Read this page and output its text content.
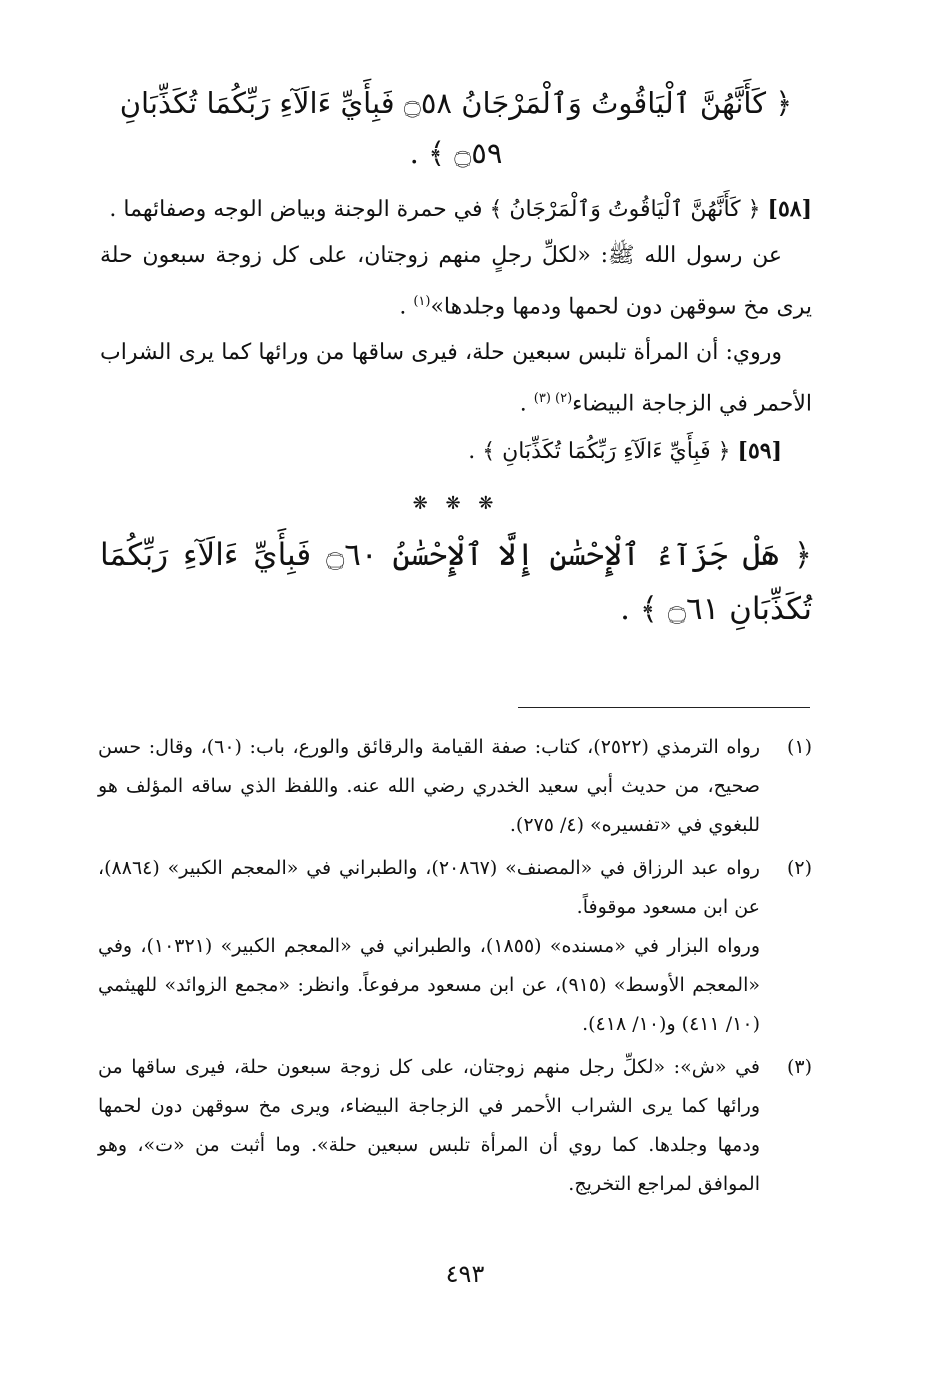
﴿ كَأَنَّهُنَّ ٱلْيَاقُوتُ وَٱلْمَرْجَانُ ۝٥٨ فَبِأَيِّ ءَالَآءِ رَبِّكُمَا تُكَذِّبَانِ ۝٥٩ ﴾ .

[٥٨] ﴿ كَأَنَّهُنَّ ٱلْيَاقُوتُ وَٱلْمَرْجَانُ ﴾ في حمرة الوجنة وبياض الوجه وصفائهما .

عن رسول الله ﷺ: «لكلِّ رجلٍ منهم زوجتان، على كل زوجة سبعون حلة يرى مخ سوقهن دون لحمها ودمها وجلدها»$^{(١)}$ .

وروي: أن المرأة تلبس سبعين حلة، فيرى ساقها من ورائها كما يرى الشراب الأحمر في الزجاجة البيضاء$^{(٢) (٣)}$ .

[٥٩] ﴿ فَبِأَيِّ ءَالَآءِ رَبِّكُمَا تُكَذِّبَانِ ﴾ .

❋ ❋ ❋

﴿ هَلْ جَزَآءُ ٱلْإِحْسَٰنِ إِلَّا ٱلْإِحْسَٰنُ ۝٦٠ فَبِأَيِّ ءَالَآءِ رَبِّكُمَا تُكَذِّبَانِ ۝٦١ ﴾ .

(١)
رواه الترمذي (٢٥٢٢)، كتاب: صفة القيامة والرقائق والورع، باب: (٦٠)، وقال: حسن صحيح، من حديث أبي سعيد الخدري رضي الله عنه. واللفظ الذي ساقه المؤلف هو للبغوي في «تفسيره» (٤/ ٢٧٥).
(٢)
رواه عبد الرزاق في «المصنف» (٢٠٨٦٧)، والطبراني في «المعجم الكبير» (٨٨٦٤)، عن ابن مسعود موقوفاً.
ورواه البزار في «مسنده» (١٨٥٥)، والطبراني في «المعجم الكبير» (١٠٣٢١)، وفي «المعجم الأوسط» (٩١٥)، عن ابن مسعود مرفوعاً. وانظر: «مجمع الزوائد» للهيثمي (١٠/ ٤١١) و(١٠/ ٤١٨).
(٣)
في «ش»: «لكلِّ رجل منهم زوجتان، على كل زوجة سبعون حلة، فيرى ساقها من ورائها كما يرى الشراب الأحمر في الزجاجة البيضاء، ويرى مخ سوقهن دون لحمها ودمها وجلدها. كما روي أن المرأة تلبس سبعين حلة». وما أثبت من «ت»، وهو الموافق لمراجع التخريج.
٤٩٣
